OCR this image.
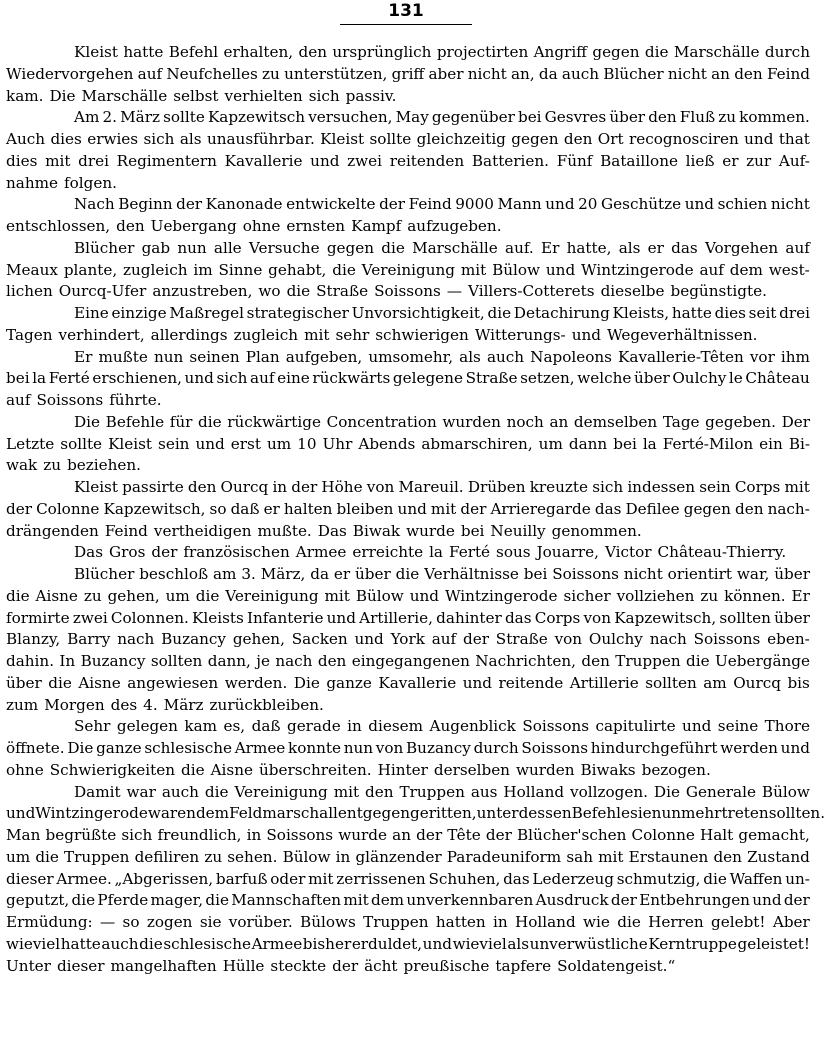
131
Kleist hatte Befehl erhalten, den ursprünglich projectirten Angriff gegen die Marschälle durch
Wiedervorgehen auf Neufchelles zu unterstützen, griff aber nicht an, da auch Blücher nicht an den Feind
kam. Die Marschälle selbst verhielten sich passiv.
Am 2. März sollte Kapzewitsch versuchen, May gegenüber bei Gesvres über den Fluß zu kommen.
Auch dies erwies sich als unausführbar. Kleist sollte gleichzeitig gegen den Ort recognosciren und that
dies mit drei Regimentern Kavallerie und zwei reitenden Batterien. Fünf Bataillone ließ er zur Auf-
nahme folgen.
Nach Beginn der Kanonade entwickelte der Feind 9000 Mann und 20 Geschütze und schien nicht
entschlossen, den Uebergang ohne ernsten Kampf aufzugeben.
Blücher gab nun alle Versuche gegen die Marschälle auf. Er hatte, als er das Vorgehen auf
Meaux plante, zugleich im Sinne gehabt, die Vereinigung mit Bülow und Wintzingerode auf dem west-
lichen Ourcq-Ufer anzustreben, wo die Straße Soissons — Villers-Cotterets dieselbe begünstigte.
Eine einzige Maßregel strategischer Unvorsichtigkeit, die Detachirung Kleists, hatte dies seit drei
Tagen verhindert, allerdings zugleich mit sehr schwierigen Witterungs- und Wegeverhältnissen.
Er mußte nun seinen Plan aufgeben, umsomehr, als auch Napoleons Kavallerie-Têten vor ihm
bei la Ferté erschienen, und sich auf eine rückwärts gelegene Straße setzen, welche über Oulchy le Château
auf Soissons führte.
Die Befehle für die rückwärtige Concentration wurden noch an demselben Tage gegeben. Der
Letzte sollte Kleist sein und erst um 10 Uhr Abends abmarschiren, um dann bei la Ferté-Milon ein Bi-
wak zu beziehen.
Kleist passirte den Ourcq in der Höhe von Mareuil. Drüben kreuzte sich indessen sein Corps mit
der Colonne Kapzewitsch, so daß er halten bleiben und mit der Arrieregarde das Defilee gegen den nach-
drängenden Feind vertheidigen mußte. Das Biwak wurde bei Neuilly genommen.
Das Gros der französischen Armee erreichte la Ferté sous Jouarre, Victor Château-Thierry.
Blücher beschloß am 3. März, da er über die Verhältnisse bei Soissons nicht orientirt war, über
die Aisne zu gehen, um die Vereinigung mit Bülow und Wintzingerode sicher vollziehen zu können. Er
formirte zwei Colonnen. Kleists Infanterie und Artillerie, dahinter das Corps von Kapzewitsch, sollten über
Blanzy, Barry nach Buzancy gehen, Sacken und York auf der Straße von Oulchy nach Soissons eben-
dahin. In Buzancy sollten dann, je nach den eingegangenen Nachrichten, den Truppen die Uebergänge
über die Aisne angewiesen werden. Die ganze Kavallerie und reitende Artillerie sollten am Ourcq bis
zum Morgen des 4. März zurückbleiben.
Sehr gelegen kam es, daß gerade in diesem Augenblick Soissons capitulirte und seine Thore
öffnete. Die ganze schlesische Armee konnte nun von Buzancy durch Soissons hindurchgeführt werden und
ohne Schwierigkeiten die Aisne überschreiten. Hinter derselben wurden Biwaks bezogen.
Damit war auch die Vereinigung mit den Truppen aus Holland vollzogen. Die Generale Bülow
und Wintzingerode waren dem Feldmarschall entgegengeritten, unter dessen Befehle sie nunmehr treten sollten.
Man begrüßte sich freundlich, in Soissons wurde an der Tête der Blücher'schen Colonne Halt gemacht,
um die Truppen defiliren zu sehen. Bülow in glänzender Paradeuniform sah mit Erstaunen den Zustand
dieser Armee. „Abgerissen, barfuß oder mit zerrissenen Schuhen, das Lederzeug schmutzig, die Waffen un-
geputzt, die Pferde mager, die Mannschaften mit dem unverkennbaren Ausdruck der Entbehrungen und der
Ermüdung: — so zogen sie vorüber. Bülows Truppen hatten in Holland wie die Herren gelebt! Aber
wieviel hatte auch die schlesische Armee bisher erduldet, und wieviel als unverwüstliche Kerntruppe geleistet!
Unter dieser mangelhaften Hülle steckte der ächt preußische tapfere Soldatengeist.“
